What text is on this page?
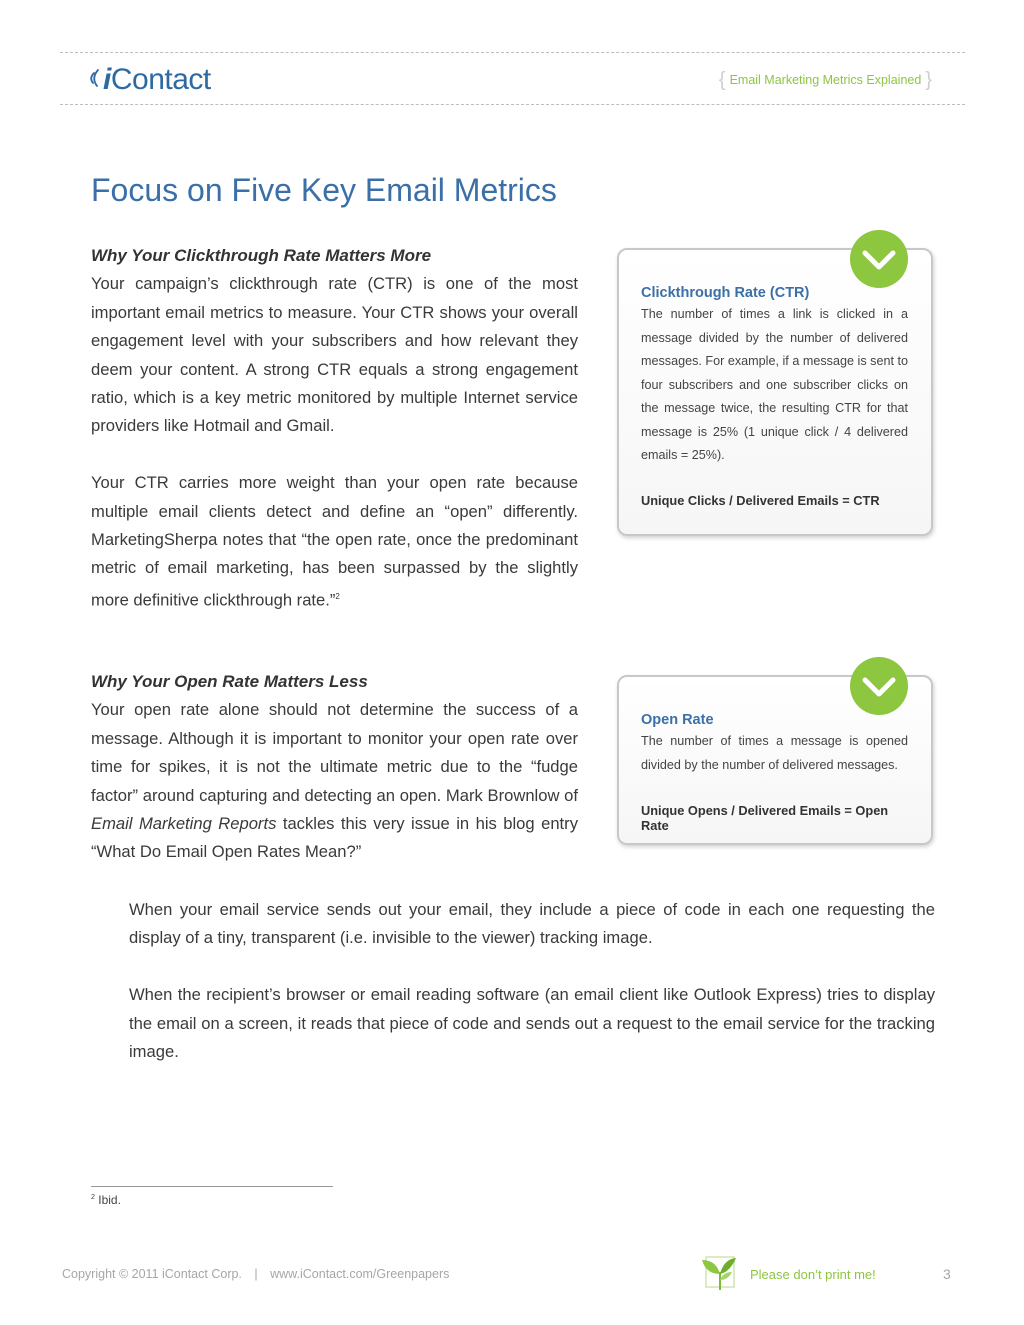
iContact	{ Email Marketing Metrics Explained }
Focus on Five Key Email Metrics
Why Your Clickthrough Rate Matters More

Your campaign’s clickthrough rate (CTR) is one of the most important email metrics to measure. Your CTR shows your overall engagement level with your subscribers and how relevant they deem your content. A strong CTR equals a strong engagement ratio, which is a key metric monitored by multiple Internet service providers like Hotmail and Gmail.

Your CTR carries more weight than your open rate because multiple email clients detect and define an “open” differently. MarketingSherpa notes that “the open rate, once the predominant metric of email marketing, has been surpassed by the slightly more definitive clickthrough rate.”$^2$

Clickthrough Rate (CTR)

The number of times a link is clicked in a message divided by the number of delivered messages. For example, if a message is sent to four subscribers and one subscriber clicks on the message twice, the resulting CTR for that message is 25% (1 unique click / 4 delivered emails = 25%).

Unique Clicks / Delivered Emails = CTR

Why Your Open Rate Matters Less

Your open rate alone should not determine the success of a message. Although it is important to monitor your open rate over time for spikes, it is not the ultimate metric due to the “fudge factor” around capturing and detecting an open. Mark Brownlow of Email Marketing Reports tackles this very issue in his blog entry “What Do Email Open Rates Mean?”

Open Rate

The number of times a message is opened divided by the number of delivered messages.

Unique Opens / Delivered Emails = Open Rate

When your email service sends out your email, they include a piece of code in each one requesting the display of a tiny, transparent (i.e. invisible to the viewer) tracking image.

When the recipient’s browser or email reading software (an email client like Outlook Express) tries to display the email on a screen, it reads that piece of code and sends out a request to the email service for the tracking image.

$^2$ Ibid.
Copyright © 2011 iContact Corp. | www.iContact.com/Greenpapers	Please don’t print me!	3
